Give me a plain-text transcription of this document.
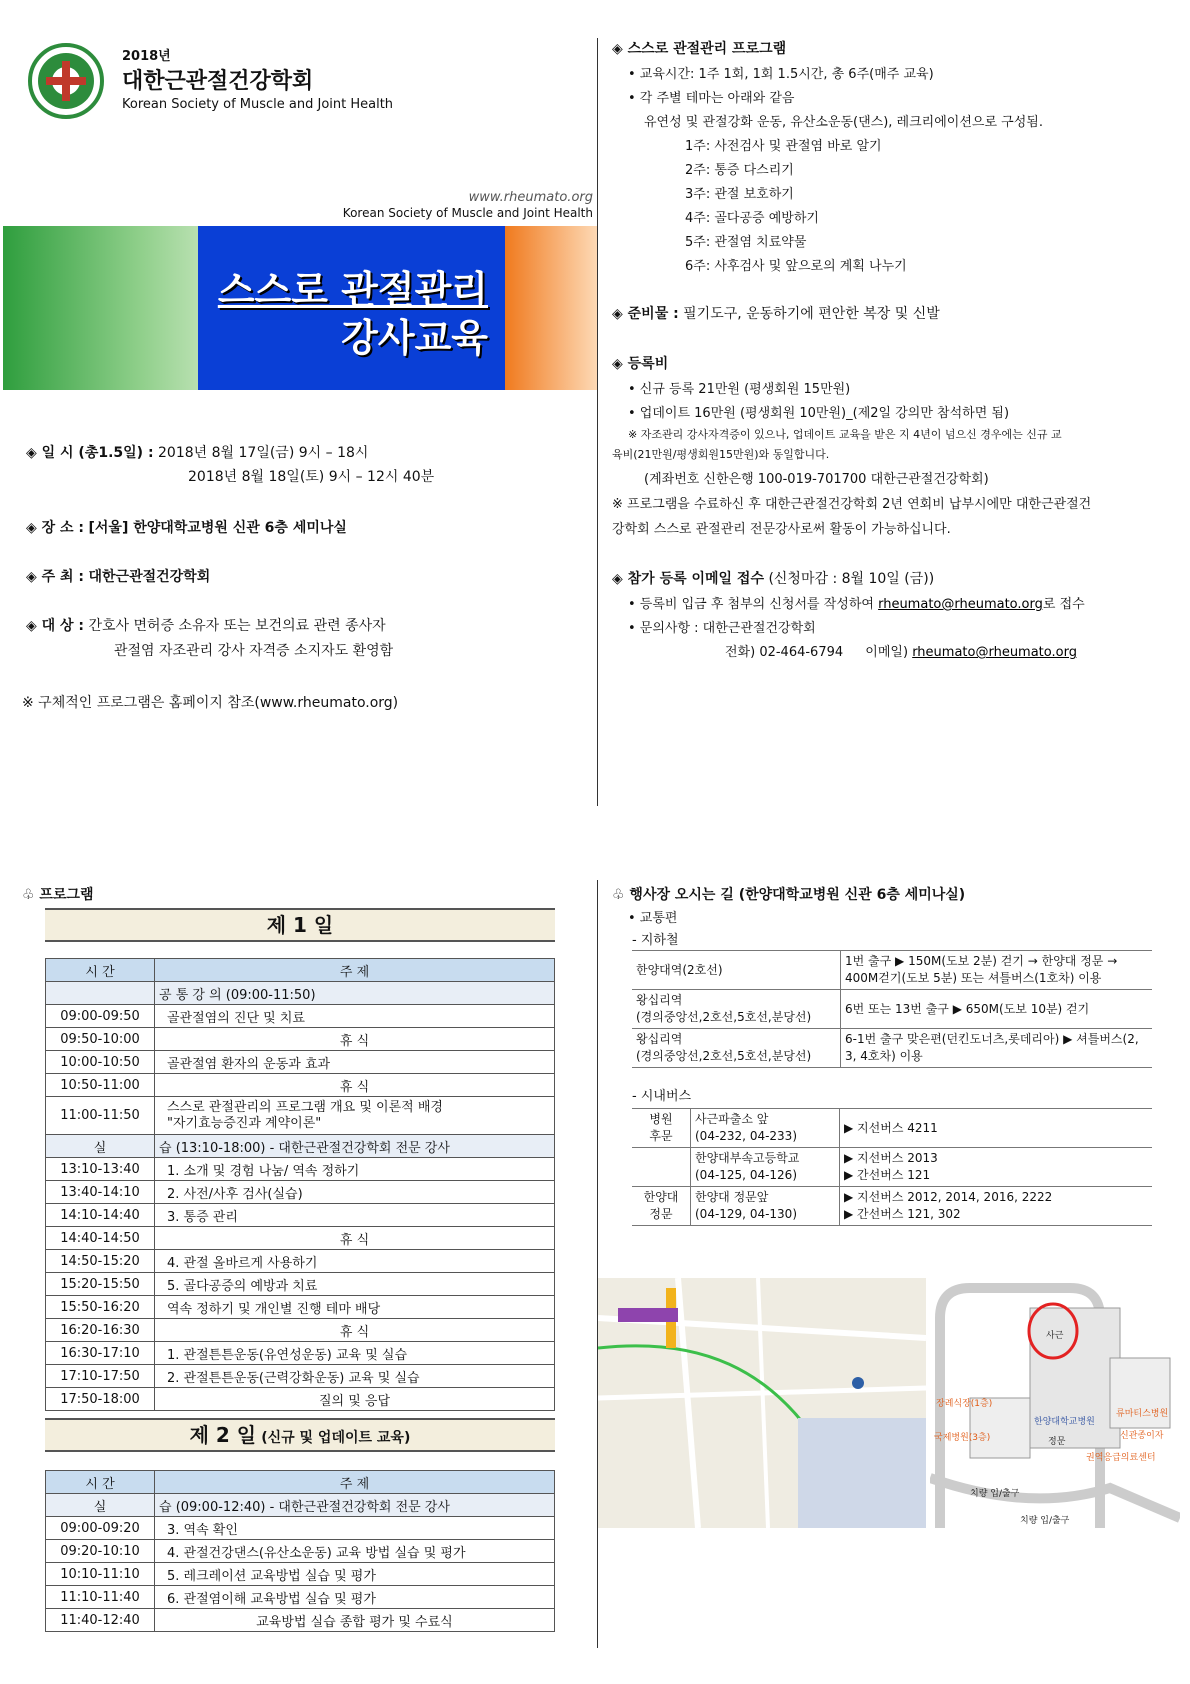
2018년
대한근관절건강학회
Korean Society of Muscle and Joint Health
www.rheumato.org
Korean Society of Muscle and Joint Health
스스로 관절관리
강사교육
◈ 일 시 (총1.5일) : 2018년 8월 17일(금) 9시 – 18시
2018년 8월 18일(토) 9시 – 12시 40분
◈ 장 소 : [서울] 한양대학교병원 신관 6층 세미나실
◈ 주 최 : 대한근관절건강학회
◈ 대 상 : 간호사 면허증 소유자 또는 보건의료 관련 종사자
관절염 자조관리 강사 자격증 소지자도 환영함
※ 구체적인 프로그램은 홈페이지 참조(www.rheumato.org)
◈ 스스로 관절관리 프로그램
• 교육시간: 1주 1회, 1회 1.5시간, 총 6주(매주 교육)
• 각 주별 테마는 아래와 같음
유연성 및 관절강화 운동, 유산소운동(댄스), 레크리에이션으로 구성됨.
1주: 사전검사 및 관절염 바로 알기
2주: 통증 다스리기
3주: 관절 보호하기
4주: 골다공증 예방하기
5주: 관절염 치료약물
6주: 사후검사 및 앞으로의 계획 나누기
◈ 준비물 : 필기도구, 운동하기에 편안한 복장 및 신발
◈ 등록비
• 신규 등록 21만원 (평생회원 15만원)
• 업데이트 16만원 (평생회원 10만원)_(제2일 강의만 참석하면 됨)
※ 자조관리 강사자격증이 있으나, 업데이트 교육을 받은 지 4년이 넘으신 경우에는 신규 교
육비(21만원/평생회원15만원)와 동일합니다.
(계좌번호 신한은행 100-019-701700 대한근관절건강학회)
※ 프로그램을 수료하신 후 대한근관절건강학회 2년 연회비 납부시에만 대한근관절건
강학회 스스로 관절관리 전문강사로써 활동이 가능하십니다.
◈ 참가 등록 이메일 접수 (신청마감 : 8월 10일 (금))
• 등록비 입금 후 첨부의 신청서를 작성하여 rheumato@rheumato.org로 접수
• 문의사항 : 대한근관절건강학회
전화) 02-464-6794 이메일) rheumato@rheumato.org
♧ 프로그램
제 1 일
시 간	주 제
	공 통 강 의 (09:00-11:50)
09:00-09:50	골관절염의 진단 및 치료
09:50-10:00	휴 식
10:00-10:50	골관절염 환자의 운동과 효과
10:50-11:00	휴 식
11:00-11:50	스스로 관절관리의 프로그램 개요 및 이론적 배경
"자기효능증진과 계약이론"
실	습 (13:10-18:00) - 대한근관절건강학회 전문 강사
13:10-13:40	1. 소개 및 경험 나눔/ 역속 정하기
13:40-14:10	2. 사전/사후 검사(실습)
14:10-14:40	3. 통증 관리
14:40-14:50	휴 식
14:50-15:20	4. 관절 올바르게 사용하기
15:20-15:50	5. 골다공증의 예방과 치료
15:50-16:20	역속 정하기 및 개인별 진행 테마 배당
16:20-16:30	휴 식
16:30-17:10	1. 관절튼튼운동(유연성운동) 교육 및 실습
17:10-17:50	2. 관절튼튼운동(근력강화운동) 교육 및 실습
17:50-18:00	질의 및 응답
제 2 일 (신규 및 업데이트 교육)
시 간	주 제
실	습 (09:00-12:40) - 대한근관절건강학회 전문 강사
09:00-09:20	3. 역속 확인
09:20-10:10	4. 관절건강댄스(유산소운동) 교육 방법 실습 및 평가
10:10-11:10	5. 레크레이션 교육방법 실습 및 평가
11:10-11:40	6. 관절염이해 교육방법 실습 및 평가
11:40-12:40	교육방법 실습 종합 평가 및 수료식
♧ 행사장 오시는 길 (한양대학교병원 신관 6층 세미나실)
• 교통편
- 지하철
한양대역(2호선)	1번 출구 ▶ 150M(도보 2분) 걷기 → 한양대 정문 → 400M걷기(도보 5분) 또는 셔틀버스(1호차) 이용
왕십리역
(경의중앙선,2호선,5호선,분당선)	6번 또는 13번 출구 ▶ 650M(도보 10분) 걷기
왕십리역
(경의중앙선,2호선,5호선,분당선)	6-1번 출구 맞은편(던킨도너츠,롯데리아) ▶ 셔틀버스(2, 3, 4호차) 이용
- 시내버스
병원
후문	사근파출소 앞
(04-232, 04-233)	▶ 지선버스 4211
	한양대부속고등학교
(04-125, 04-126)	▶ 지선버스 2013
▶ 간선버스 121
한양대
정문	한양대 정문앞
(04-129, 04-130)	▶ 지선버스 2012, 2014, 2016, 2222
▶ 간선버스 121, 302
장례식장(1층)
국제병원(3층)
한양대학교병원
류마티스병원
신관종이자
권역응급의료센터
치량 입/출구
치량 입/출구
정문
사근
